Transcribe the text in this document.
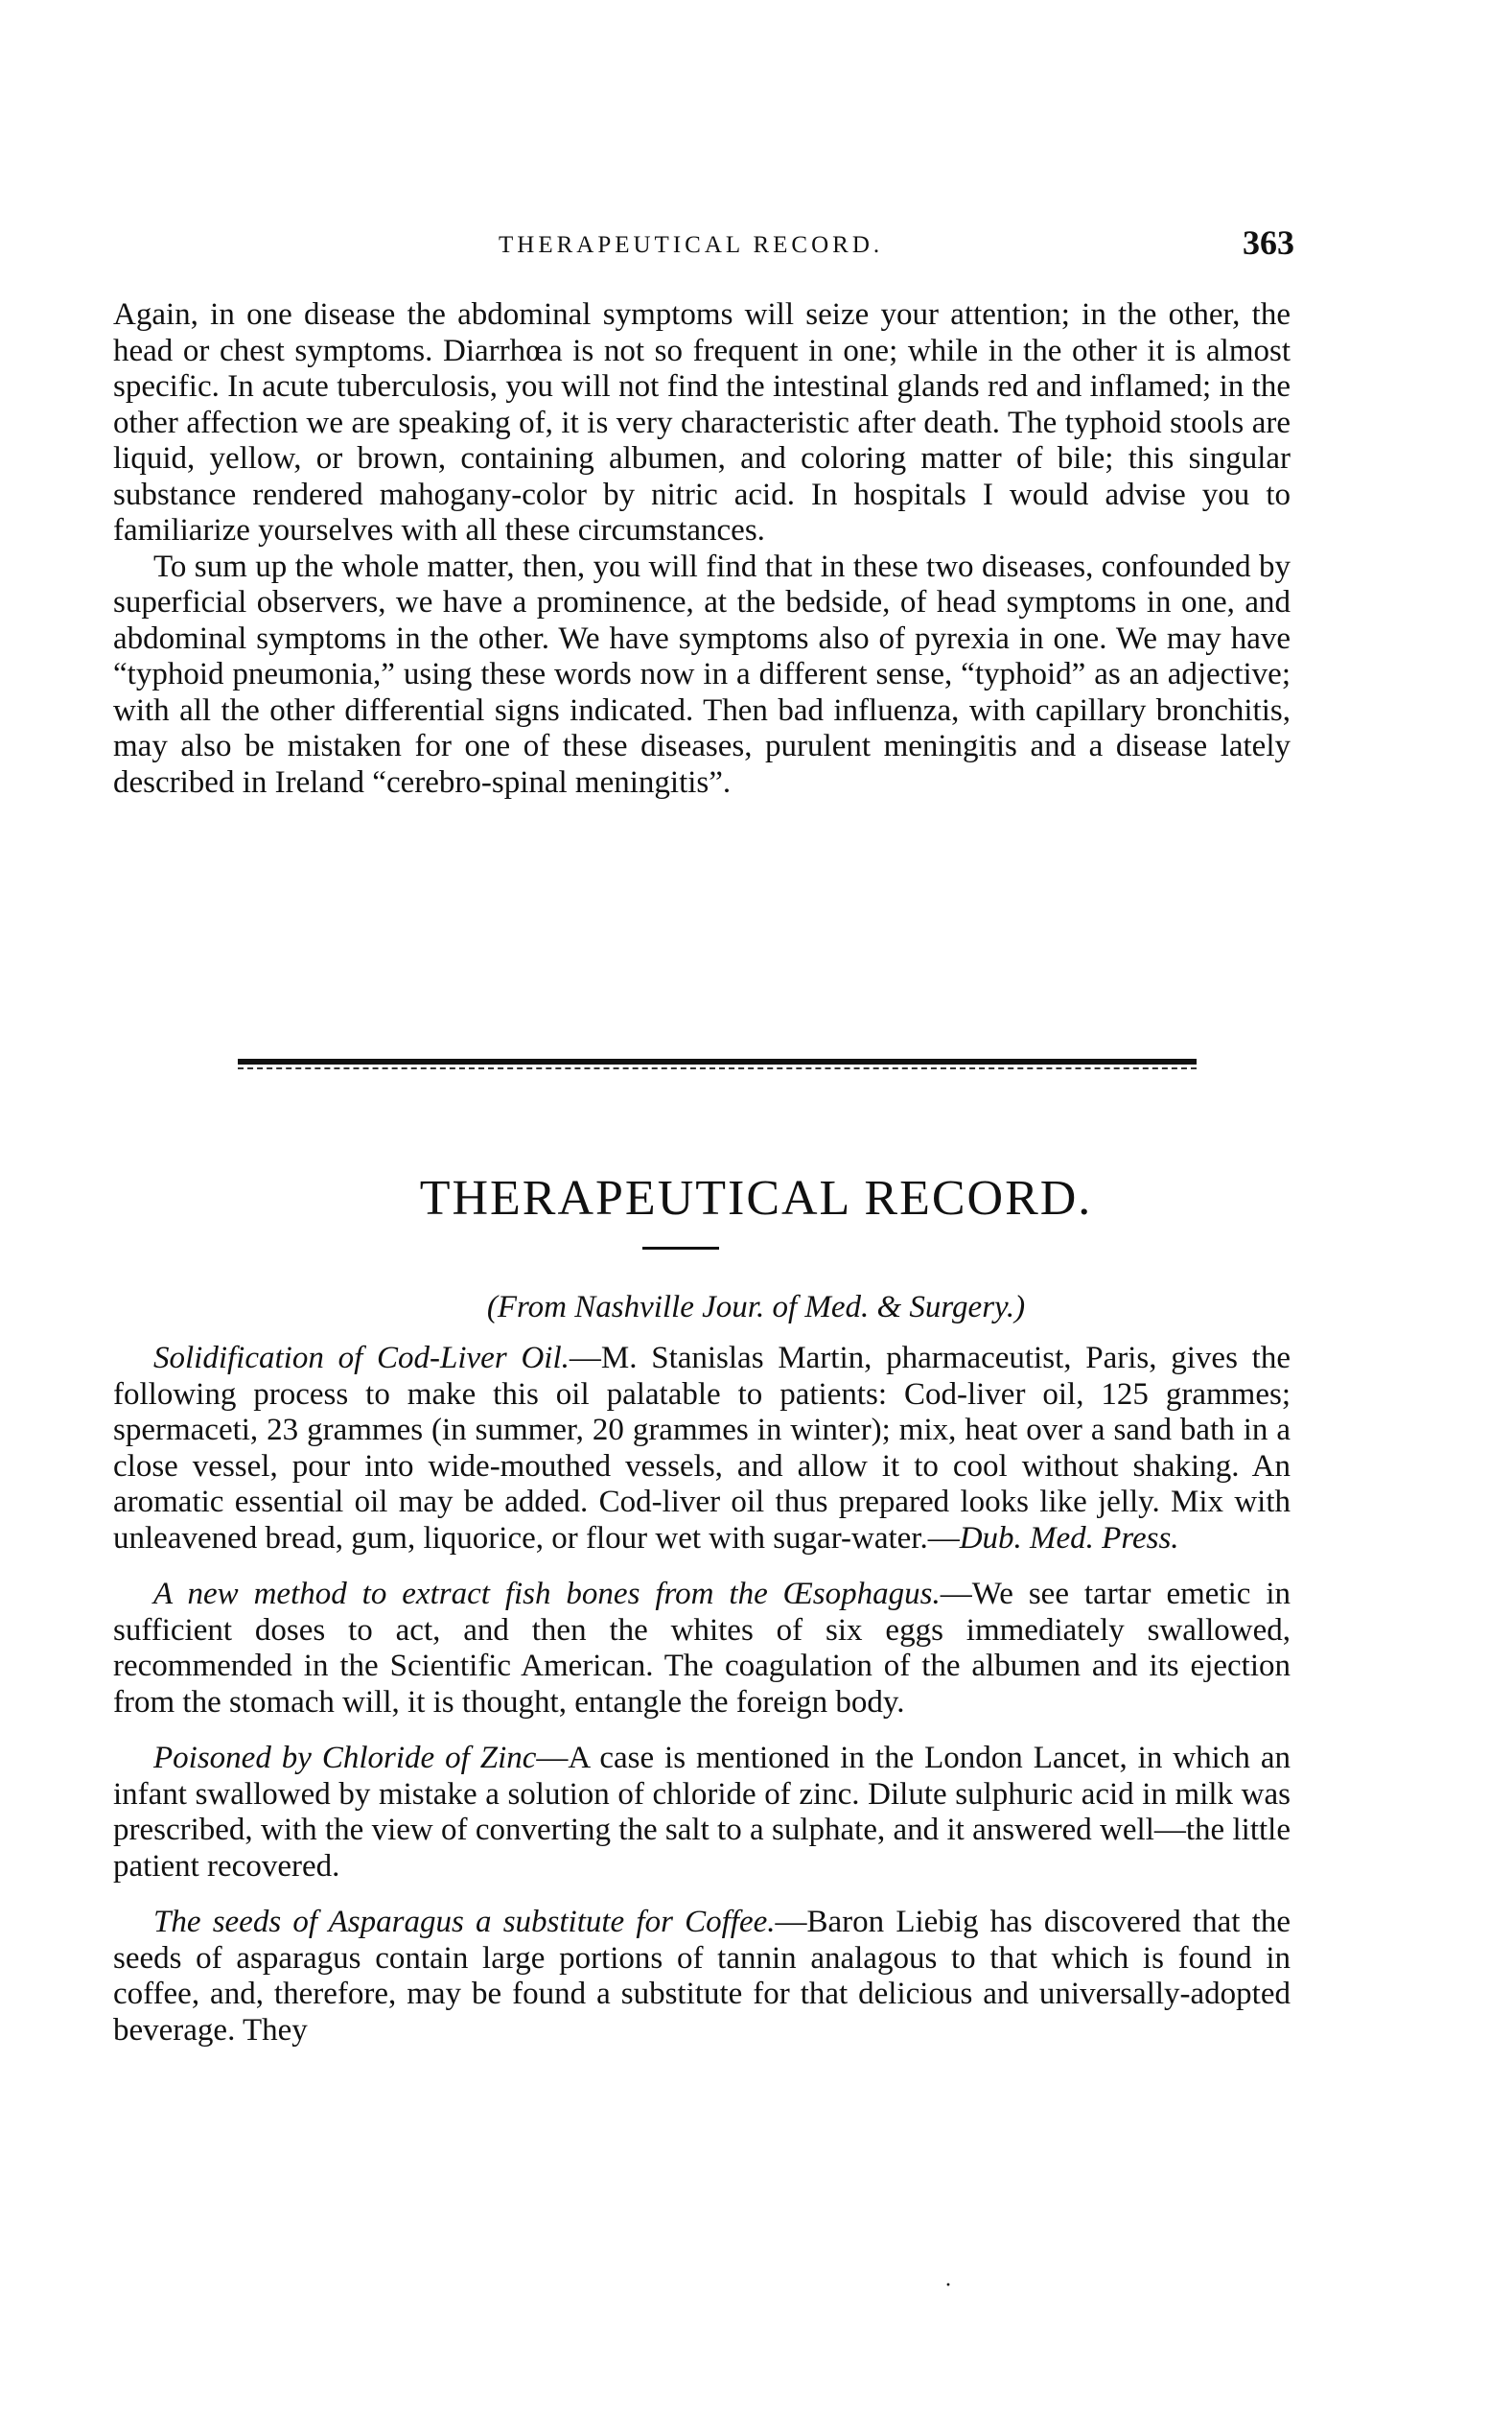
THERAPEUTICAL RECORD.	363

Again, in one disease the abdominal symptoms will seize your attention; in the other, the head or chest symptoms. Diarrhœa is not so frequent in one; while in the other it is almost specific. In acute tuberculosis, you will not find the intestinal glands red and inflamed; in the other affection we are speaking of, it is very characteristic after death. The typhoid stools are liquid, yellow, or brown, containing albumen, and coloring matter of bile; this singular substance rendered mahogany-color by nitric acid. In hospitals I would advise you to familiarize yourselves with all these circumstances.

To sum up the whole matter, then, you will find that in these two diseases, confounded by superficial observers, we have a prominence, at the bedside, of head symptoms in one, and abdominal symptoms in the other. We have symptoms also of pyrexia in one. We may have “typhoid pneumonia,” using these words now in a different sense, “typhoid” as an adjective; with all the other differential signs indicated. Then bad influenza, with capillary bronchitis, may also be mistaken for one of these diseases, purulent meningitis and a disease lately described in Ireland “cerebro-spinal meningitis”.

THERAPEUTICAL RECORD.
(From Nashville Jour. of Med. & Surgery.)

Solidification of Cod-Liver Oil.—M. Stanislas Martin, pharmaceutist, Paris, gives the following process to make this oil palatable to patients: Cod-liver oil, 125 grammes; spermaceti, 23 grammes (in summer, 20 grammes in winter); mix, heat over a sand bath in a close vessel, pour into wide-mouthed vessels, and allow it to cool without shaking. An aromatic essential oil may be added. Cod-liver oil thus prepared looks like jelly. Mix with unleavened bread, gum, liquorice, or flour wet with sugar-water.—Dub. Med. Press.

A new method to extract fish bones from the Œsophagus.—We see tartar emetic in sufficient doses to act, and then the whites of six eggs immediately swallowed, recommended in the Scientific American. The coagulation of the albumen and its ejection from the stomach will, it is thought, entangle the foreign body.

Poisoned by Chloride of Zinc—A case is mentioned in the London Lancet, in which an infant swallowed by mistake a solution of chloride of zinc. Dilute sulphuric acid in milk was prescribed, with the view of converting the salt to a sulphate, and it answered well—the little patient recovered.

The seeds of Asparagus a substitute for Coffee.—Baron Liebig has discovered that the seeds of asparagus contain large portions of tannin analagous to that which is found in coffee, and, therefore, may be found a substitute for that delicious and universally-adopted beverage. They

·
